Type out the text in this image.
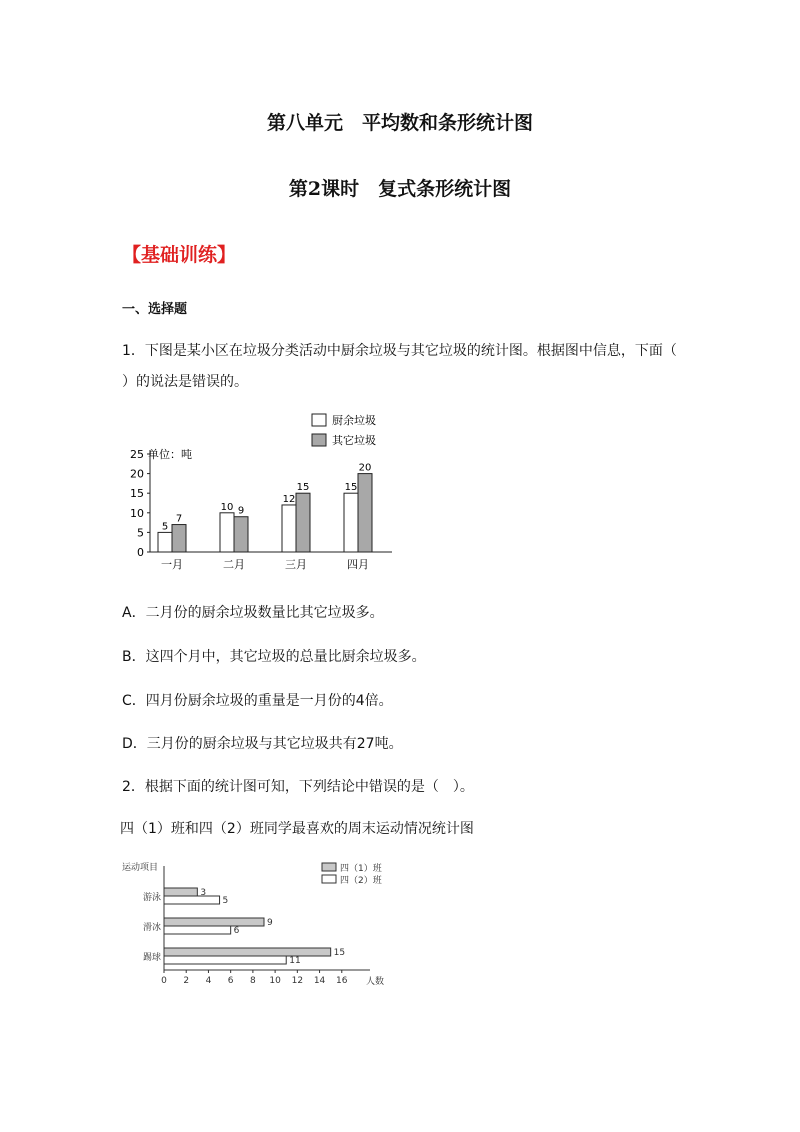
第八单元　平均数和条形统计图
第2课时　复式条形统计图
【基础训练】
一、选择题
1．下图是某小区在垃圾分类活动中厨余垃圾与其它垃圾的统计图。根据图中信息，下面（
）的说法是错误的。
0
5
10
15
20
25
5
7
10 9
12
15	15
20
一月	二月	三月	四月
单位：吨
厨余垃圾
其它垃圾
A．二月份的厨余垃圾数量比其它垃圾多。
B．这四个月中，其它垃圾的总量比厨余垃圾多。
C．四月份厨余垃圾的重量是一月份的4倍。
D．三月份的厨余垃圾与其它垃圾共有27吨。
2．根据下面的统计图可知，下列结论中错误的是（　）。
四（1）班和四（2）班同学最喜欢的周末运动情况统计图
0 2 4 6 8 10 12 14 16
3
5
9
6
15
11
游泳
滑冰
踢球
运动项目
人数
四（1）班
四（2）班
